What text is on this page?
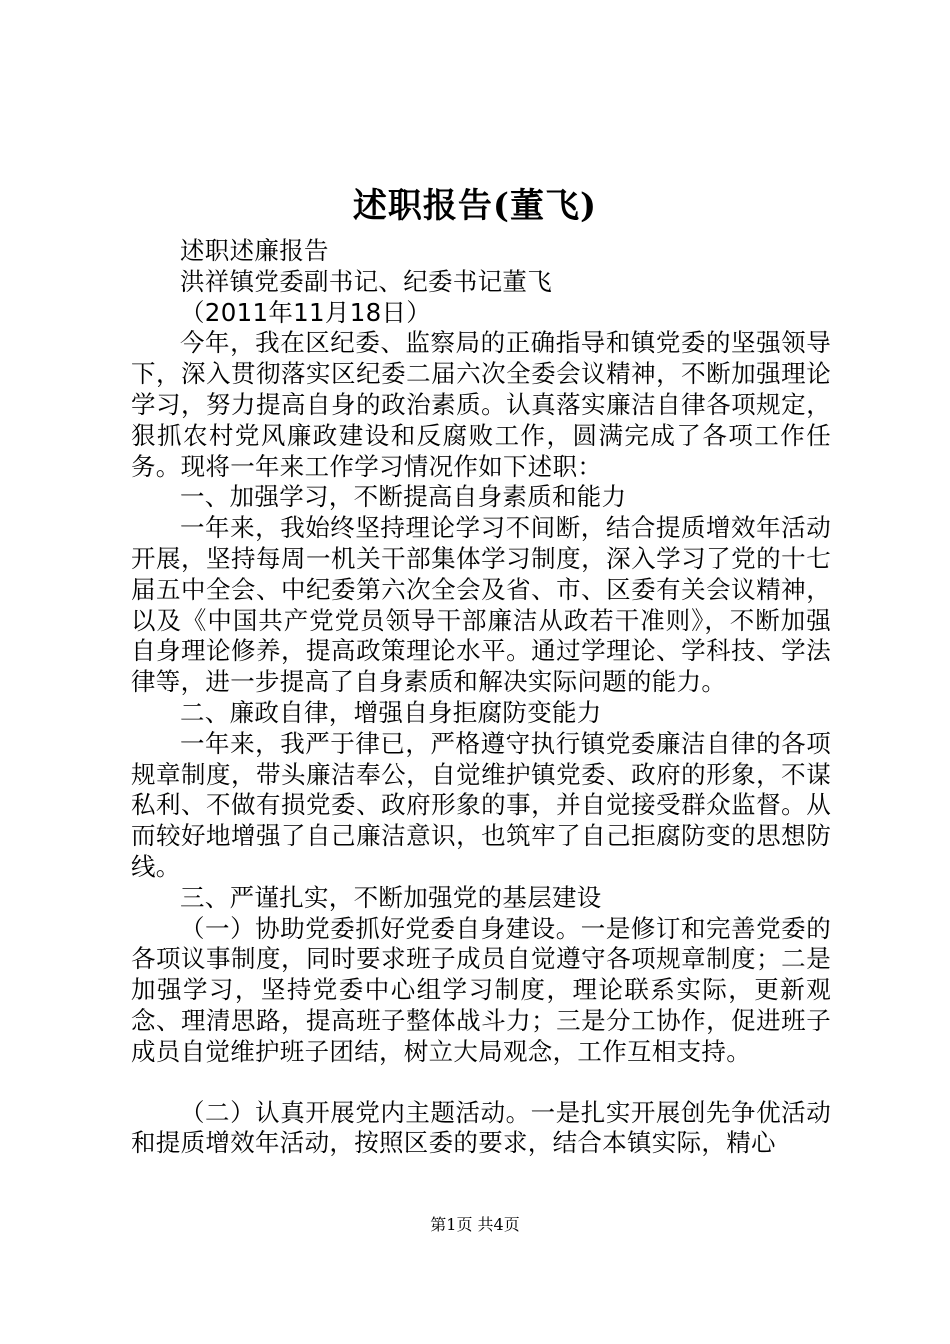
述职报告(董飞)

述职述廉报告

洪祥镇党委副书记、纪委书记董飞

（2011年11月18日）

今年，我在区纪委、监察局的正确指导和镇党委的坚强领导下，深入贯彻落实区纪委二届六次全委会议精神，不断加强理论学习，努力提高自身的政治素质。认真落实廉洁自律各项规定，狠抓农村党风廉政建设和反腐败工作，圆满完成了各项工作任务。现将一年来工作学习情况作如下述职：

一、加强学习，不断提高自身素质和能力

一年来，我始终坚持理论学习不间断，结合提质增效年活动开展，坚持每周一机关干部集体学习制度，深入学习了党的十七届五中全会、中纪委第六次全会及省、市、区委有关会议精神，以及《中国共产党党员领导干部廉洁从政若干准则》，不断加强自身理论修养，提高政策理论水平。通过学理论、学科技、学法律等，进一步提高了自身素质和解决实际问题的能力。

二、廉政自律，增强自身拒腐防变能力

一年来，我严于律已，严格遵守执行镇党委廉洁自律的各项规章制度，带头廉洁奉公，自觉维护镇党委、政府的形象，不谋私利、不做有损党委、政府形象的事，并自觉接受群众监督。从而较好地增强了自己廉洁意识，也筑牢了自己拒腐防变的思想防线。

三、严谨扎实，不断加强党的基层建设

（一）协助党委抓好党委自身建设。一是修订和完善党委的各项议事制度，同时要求班子成员自觉遵守各项规章制度；二是加强学习，坚持党委中心组学习制度，理论联系实际，更新观念、理清思路，提高班子整体战斗力；三是分工协作，促进班子成员自觉维护班子团结，树立大局观念，工作互相支持。

（二）认真开展党内主题活动。一是扎实开展创先争优活动和提质增效年活动，按照区委的要求，结合本镇实际，精心

第1页 共4页
